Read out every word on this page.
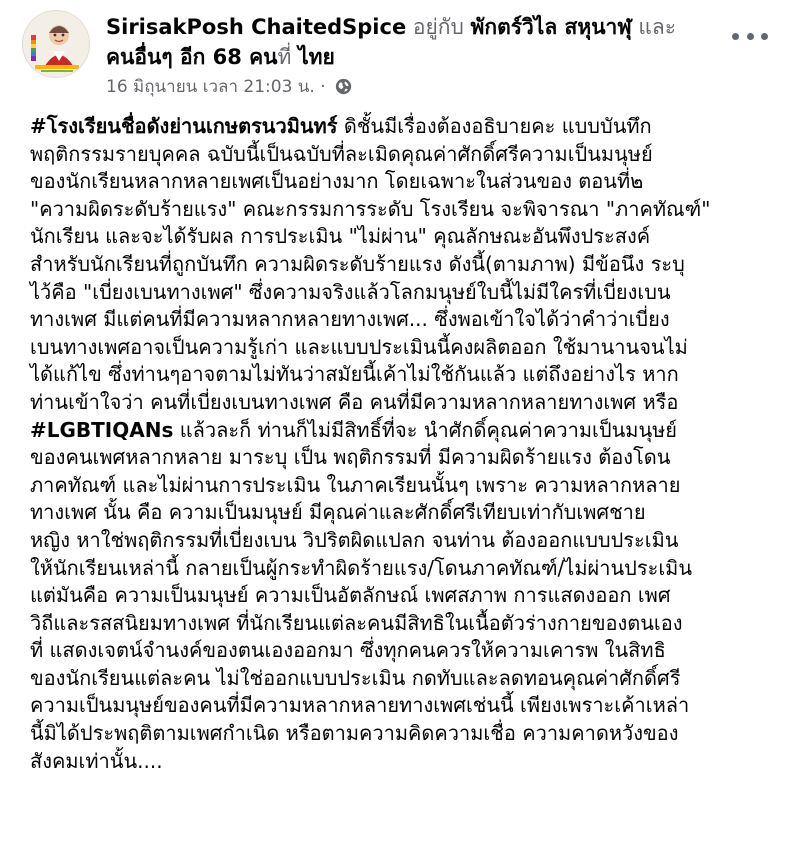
SirisakPosh ChaitedSpice อยู่กับ พักตร์วิไล สหุนาฬุ และ
คนอื่นๆ อีก 68 คนที่ ไทย
16 มิถุนายน เวลา 21:03 น. ·

#โรงเรียนชื่อดังย่านเกษตรนวมินทร์ ดิชั้นมีเรื่องต้องอธิบายคะ แบบบันทึก

พฤติกรรมรายบุคคล ฉบับนี้เป็นฉบับที่ละเมิดคุณค่าศักดิ์ศรีความเป็นมนุษย์

ของนักเรียนหลากหลายเพศเป็นอย่างมาก โดยเฉพาะในส่วนของ ตอนที่๒

"ความผิดระดับร้ายแรง" คณะกรรมการระดับ โรงเรียน จะพิจารณา "ภาคทัณฑ์"

นักเรียน และจะได้รับผล การประเมิน "ไม่ผ่าน" คุณลักษณะอันพึงประสงค์

สำหรับนักเรียนที่ถูกบันทึก ความผิดระดับร้ายแรง ดังนี้(ตามภาพ) มีข้อนึง ระบุ

ไว้คือ "เบี่ยงเบนทางเพศ" ซึ่งความจริงแล้วโลกมนุษย์ใบนี้ไม่มีใครที่เบี่ยงเบน

ทางเพศ มีแต่คนที่มีความหลากหลายทางเพศ... ซึ่งพอเข้าใจได้ว่าคำว่าเบี่ยง

เบนทางเพศอาจเป็นความรู้เก่า และแบบประเมินนี้คงผลิตออก ใช้มานานจนไม่

ได้แก้ไข ซึ่งท่านๆอาจตามไม่ทันว่าสมัยนี้เค้าไม่ใช้กันแล้ว แต่ถึงอย่างไร หาก

ท่านเข้าใจว่า คนที่เบี่ยงเบนทางเพศ คือ คนที่มีความหลากหลายทางเพศ หรือ

#LGBTIQANs แล้วละก็ ท่านก็ไม่มีสิทธิ์ที่จะ นำศักดิ์คุณค่าความเป็นมนุษย์

ของคนเพศหลากหลาย มาระบุ เป็น พฤติกรรมที่ มีความผิดร้ายแรง ต้องโดน

ภาคทัณฑ์ และไม่ผ่านการประเมิน ในภาคเรียนนั้นๆ เพราะ ความหลากหลาย

ทางเพศ นั้น คือ ความเป็นมนุษย์ มีคุณค่าและศักดิ์ศรีเทียบเท่ากับเพศชาย

หญิง หาใช่พฤติกรรมที่เบี่ยงเบน วิปริตผิดแปลก จนท่าน ต้องออกแบบประเมิน

ให้นักเรียนเหล่านี้ กลายเป็นผู้กระทำผิดร้ายแรง/โดนภาคทัณฑ์/ไม่ผ่านประเมิน

แต่มันคือ ความเป็นมนุษย์ ความเป็นอัตลักษณ์ เพศสภาพ การแสดงออก เพศ

วิถีและรสสนิยมทางเพศ ที่นักเรียนแต่ละคนมีสิทธิในเนื้อตัวร่างกายของตนเอง

ที่ แสดงเจตน์จำนงค์ของตนเองออกมา ซึ่งทุกคนควรให้ความเคารพ ในสิทธิ

ของนักเรียนแต่ละคน ไม่ใช่ออกแบบประเมิน กดทับและลดทอนคุณค่าศักดิ์ศรี

ความเป็นมนุษย์ของคนที่มีความหลากหลายทางเพศเช่นนี้ เพียงเพราะเค้าเหล่า

นี้มิได้ประพฤติตามเพศกำเนิด หรือตามความคิดความเชื่อ ความคาดหวังของ

สังคมเท่านั้น....
